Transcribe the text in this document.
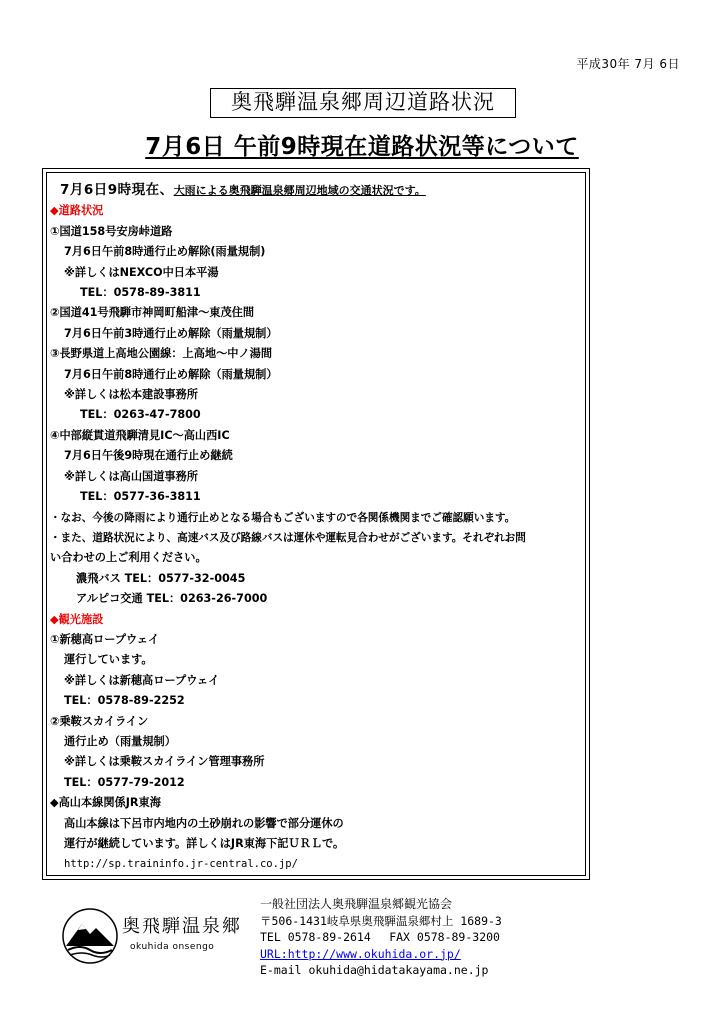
平成30年 7月 6日
奥飛騨温泉郷周辺道路状況
7月6日 午前9時現在道路状況等について
7月6日9時現在、大雨による奥飛騨温泉郷周辺地域の交通状況です。
◆道路状況
①国道158号安房峠道路
7月6日午前8時通行止め解除(雨量規制)
※詳しくはNEXCO中日本平湯
TEL：0578-89-3811
②国道41号飛騨市神岡町船津～東茂住間
7月6日午前3時通行止め解除（雨量規制）
③長野県道上高地公園線：上高地～中ノ湯間
7月6日午前8時通行止め解除（雨量規制）
※詳しくは松本建設事務所
TEL：0263-47-7800
④中部縦貫道飛騨清見IC～高山西IC
7月6日午後9時現在通行止め継続
※詳しくは高山国道事務所
TEL：0577-36-3811
・なお、今後の降雨により通行止めとなる場合もございますので各関係機関までご確認願います。
・また、道路状況により、高速バス及び路線バスは運休や運転見合わせがございます。それぞれお問
い合わせの上ご利用ください。
濃飛バス TEL：0577-32-0045
アルピコ交通 TEL：0263-26-7000
◆観光施設
①新穂高ロープウェイ
運行しています。
※詳しくは新穂高ロープウェイ
TEL：0578-89-2252
②乗鞍スカイライン
通行止め（雨量規制）
※詳しくは乗鞍スカイライン管理事務所
TEL：0577-79-2012
◆高山本線関係JR東海
高山本線は下呂市内地内の土砂崩れの影響で部分運休の
運行が継続しています。詳しくはJR東海下記ＵＲＬで。
http://sp.traininfo.jr-central.co.jp/
奥飛騨温泉郷
okuhida onsengo
一般社団法人奥飛騨温泉郷観光協会
〒506-1431岐阜県奥飛騨温泉郷村上 1689-3
TEL 0578-89-2614　 FAX 0578-89-3200
URL:http://www.okuhida.or.jp/
E-mail okuhida@hidatakayama.ne.jp
